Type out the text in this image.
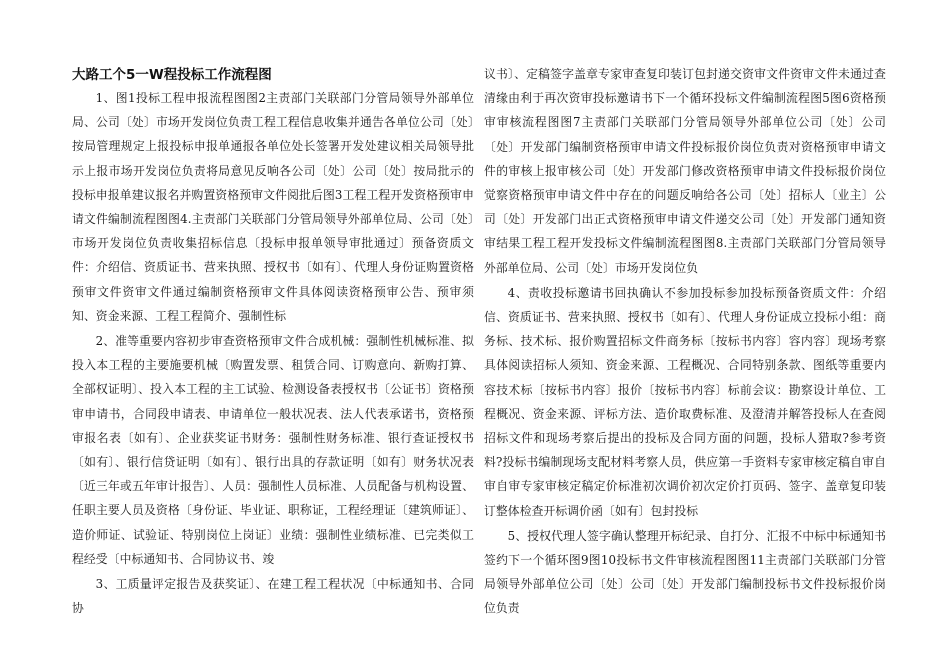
大路工个5一W程投标工作流程图

1、图1投标工程申报流程图图2主责部门关联部门分管局领导外部单位局、公司〔处〕市场开发岗位负责工程工程信息收集并通告各单位公司〔处〕按局管理规定上报投标申报单通报各单位处长签署开发处建议相关局领导批示上报市场开发岗位负责将局意见反响各公司〔处〕公司〔处〕按局批示的投标申报单建议报名并购置资格预审文件阅批后图3工程工程开发资格预审申请文件编制流程图图4.主责部门关联部门分管局领导外部单位局、公司〔处〕市场开发岗位负责收集招标信息〔投标申报单领导审批通过〕预备资质文件：介绍信、资质证书、营来执照、授权书〔如有〕、代理人身份证购置资格预审文件资审文件通过编制资格预审文件具体阅读资格预审公告、预审须知、资金来源、工程工程简介、强制性标

2、准等重要内容初步审查资格预审文件合成机械：强制性机械标准、拟投入本工程的主要施要机械〔购置发票、租赁合同、订购意向、新购打算、全部权证明〕、投入本工程的主工试验、检测设备表授权书〔公证书〕资格预审申请书，合同段申请表、申请单位一般状况表、法人代表承诺书，资格预审报名表〔如有〕、企业获奖证书财务：强制性财务标准、银行查证授权书〔如有〕、银行信贷证明〔如有〕、银行出具的存款证明〔如有〕财务状况表〔近三年或五年审计报告〕、人员：强制性人员标准、人员配备与机构设置、任职主要人员及资格〔身份证、毕业证、职称证，工程经理证〔建筑师证〕、造价师证、试验证、特别岗位上岗证〕业绩：强制性业绩标准、已完类似工程经受〔中标通知书、合同协议书、竣

3、工质量评定报告及获奖证〕、在建工程工程状况〔中标通知书、合同协

议书〕、定稿签字盖章专家审查复印装订包封递交资审文件资审文件未通过查清缘由利于再次资审投标邀请书下一个循环投标文件编制流程图5图6资格预审审核流程图图7主责部门关联部门分管局领导外部单位公司〔处〕公司〔处〕开发部门编制资格预审申请文件投标报价岗位负责对资格预审申请文件的审核上报审核公司〔处〕开发部门修改资格预审申请文件投标报价岗位觉察资格预审申请文件中存在的问题反响给各公司〔处〕招标人〔业主〕公司〔处〕开发部门出正式资格预审申请文件递交公司〔处〕开发部门通知资审结果工程工程开发投标文件编制流程图图8.主责部门关联部门分管局领导外部单位局、公司〔处〕市场开发岗位负

4、责收投标邀请书回执确认不参加投标参加投标预备资质文件：介绍信、资质证书、营来执照、授权书〔如有〕、代理人身份证成立投标小组：商务标、技术标、报价购置招标文件商务标〔按标书内容〕容内容〕现场考察具体阅读招标人须知、资金来源、工程概况、合同特别条款、图纸等重要内容技术标〔按标书内容〕报价〔按标书内容〕标前会议：勘察设计单位、工程概况、资金来源、评标方法、造价取费标准、及澄清并解答投标人在查阅招标文件和现场考察后提出的投标及合同方面的问题，投标人猎取?参考资料?投标书编制现场支配材料考察人员，供应第一手资料专家审核定稿自审自审自审专家审核定稿定价标准初次调价初次定价打页码、签字、盖章复印装订整体检查开标调价函〔如有〕包封投标

5、授权代理人签字确认整理开标纪录、自打分、汇报不中标中标通知书签约下一个循环图9图10投标书文件审核流程图图11主责部门关联部门分管局领导外部单位公司〔处〕公司〔处〕开发部门编制投标书文件投标报价岗位负责
